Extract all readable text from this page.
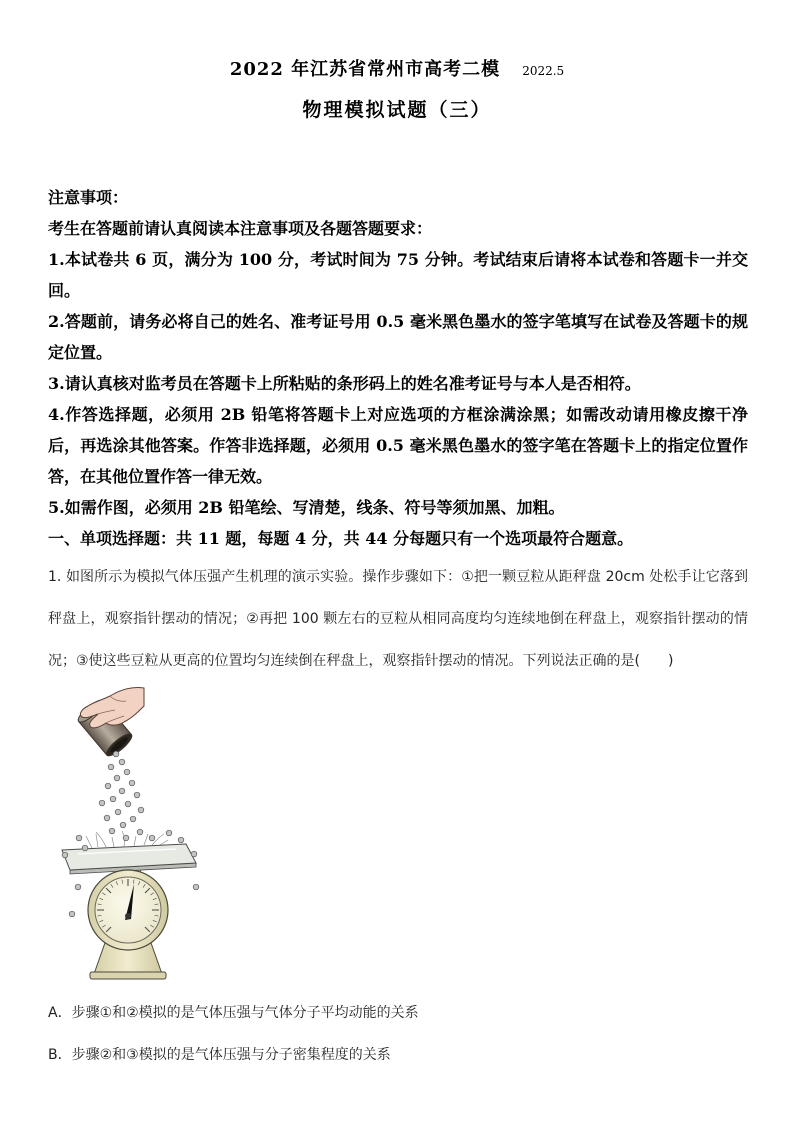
2022 年江苏省常州市高考二模 2022.5
物理模拟试题（三）

注意事项：

考生在答题前请认真阅读本注意事项及各题答题要求：

1.本试卷共 6 页，满分为 100 分，考试时间为 75 分钟。考试结束后请将本试卷和答题卡一并交回。

2.答题前，请务必将自己的姓名、准考证号用 0.5 毫米黑色墨水的签字笔填写在试卷及答题卡的规定位置。

3.请认真核对监考员在答题卡上所粘贴的条形码上的姓名准考证号与本人是否相符。

4.作答选择题，必须用 2B 铅笔将答题卡上对应选项的方框涂满涂黑；如需改动请用橡皮擦干净后，再选涂其他答案。作答非选择题，必须用 0.5 毫米黑色墨水的签字笔在答题卡上的指定位置作答，在其他位置作答一律无效。

5.如需作图，必须用 2B 铅笔绘、写清楚，线条、符号等须加黑、加粗。

一、单项选择题：共 11 题，每题 4 分，共 44 分每题只有一个选项最符合题意。

1. 如图所示为模拟气体压强产生机理的演示实验。操作步骤如下：①把一颗豆粒从距秤盘 20cm 处松手让它落到秤盘上，观察指针摆动的情况；②再把 100 颗左右的豆粒从相同高度均匀连续地倒在秤盘上，观察指针摆动的情况；③使这些豆粒从更高的位置均匀连续倒在秤盘上，观察指针摆动的情况。下列说法正确的是(　　)

A．步骤①和②模拟的是气体压强与气体分子平均动能的关系

B．步骤②和③模拟的是气体压强与分子密集程度的关系
